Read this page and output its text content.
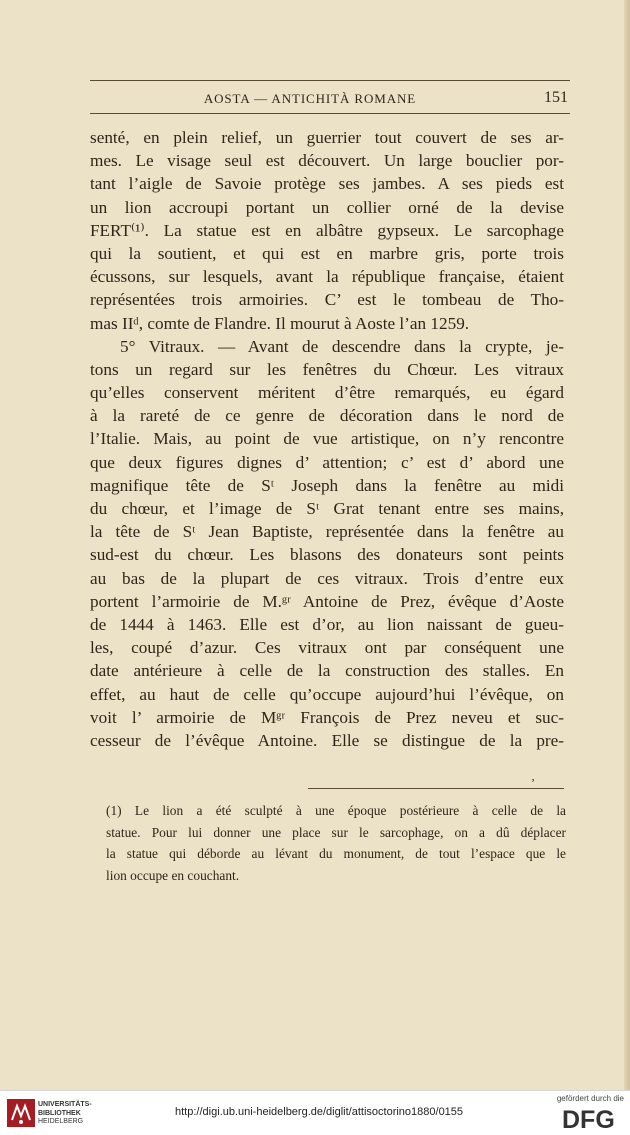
AOSTA — ANTICHITÀ ROMANE	151
senté, en plein relief, un guerrier tout couvert de ses ar-
mes. Le visage seul est découvert. Un large bouclier por-
tant l’aigle de Savoie protège ses jambes. A ses pieds est
un lion accroupi portant un collier orné de la devise
FERT⁽¹⁾. La statue est en albâtre gypseux. Le sarcophage
qui la soutient, et qui est en marbre gris, porte trois
écussons, sur lesquels, avant la république française, étaient
représentées trois armoiries. C’ est le tombeau de Tho-
mas IIᵈ, comte de Flandre. Il mourut à Aoste l’an 1259.
5° Vitraux. — Avant de descendre dans la crypte, je-
tons un regard sur les fenêtres du Chœur. Les vitraux
qu’elles conservent méritent d’être remarqués, eu égard
à la rareté de ce genre de décoration dans le nord de
l’Italie. Mais, au point de vue artistique, on n’y rencontre
que deux figures dignes d’ attention; c’ est d’ abord une
magnifique tête de Sᵗ Joseph dans la fenêtre au midi
du chœur, et l’image de Sᵗ Grat tenant entre ses mains,
la tête de Sᵗ Jean Baptiste, représentée dans la fenêtre au
sud-est du chœur. Les blasons des donateurs sont peints
au bas de la plupart de ces vitraux. Trois d’entre eux
portent l’armoirie de M.ᵍʳ Antoine de Prez, évêque d’Aoste
de 1444 à 1463. Elle est d’or, au lion naissant de gueu-
les, coupé d’azur. Ces vitraux ont par conséquent une
date antérieure à celle de la construction des stalles. En
effet, au haut de celle qu’occupe aujourd’hui l’évêque, on
voit l’ armoirie de Mᵍʳ François de Prez neveu et suc-
cesseur de l’évêque Antoine. Elle se distingue de la pre-
ʼ
(1) Le lion a été sculpté à une époque postérieure à celle de la
statue. Pour lui donner une place sur le sarcophage, on a dû déplacer
la statue qui déborde au lévant du monument, de tout l’espace que le
lion occupe en couchant.
UNIVERSITÄTS-
BIBLIOTHEK
HEIDELBERG
http://digi.ub.uni-heidelberg.de/diglit/attisoctorino1880/0155
gefördert durch die
DFG
